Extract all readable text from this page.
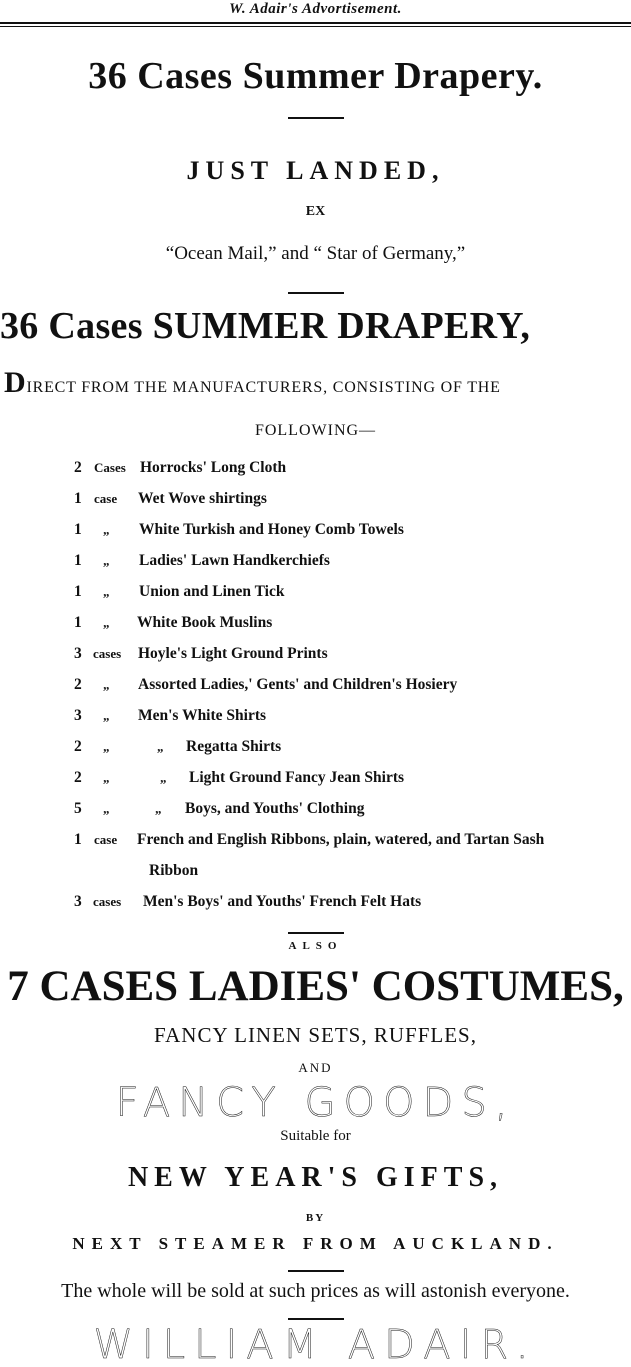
W. Adair's Advortisement.
36 Cases Summer Drapery.
JUST LANDED,
EX
“Ocean Mail,” and “ Star of Germany,”
36 Cases SUMMER DRAPERY,
DIRECT FROM THE MANUFACTURERS, CONSISTING OF THE
FOLLOWING—
2 Cases Horrocks' Long Cloth
1 case Wet Wove shirtings
1 „ White Turkish and Honey Comb Towels
1 „ Ladies' Lawn Handkerchiefs
1 „ Union and Linen Tick
1 „ White Book Muslins
3 cases Hoyle's Light Ground Prints
2 „ Assorted Ladies,' Gents' and Children's Hosiery
3 „ Men's White Shirts
2 „	„ Regatta Shirts
2 „	„ Light Ground Fancy Jean Shirts
5 „	„ Boys, and Youths' Clothing
1 case French and English Ribbons, plain, watered, and Tartan Sash
Ribbon
3 cases Men's Boys' and Youths' French Felt Hats
ALSO
7 CASES LADIES' COSTUMES,
FANCY LINEN SETS, RUFFLES,
AND
FANCY GOODS,
Suitable for
NEW YEAR'S GIFTS,
BY
NEXT STEAMER FROM AUCKLAND.
The whole will be sold at such prices as will astonish everyone.
WILLIAM ADAIR.
